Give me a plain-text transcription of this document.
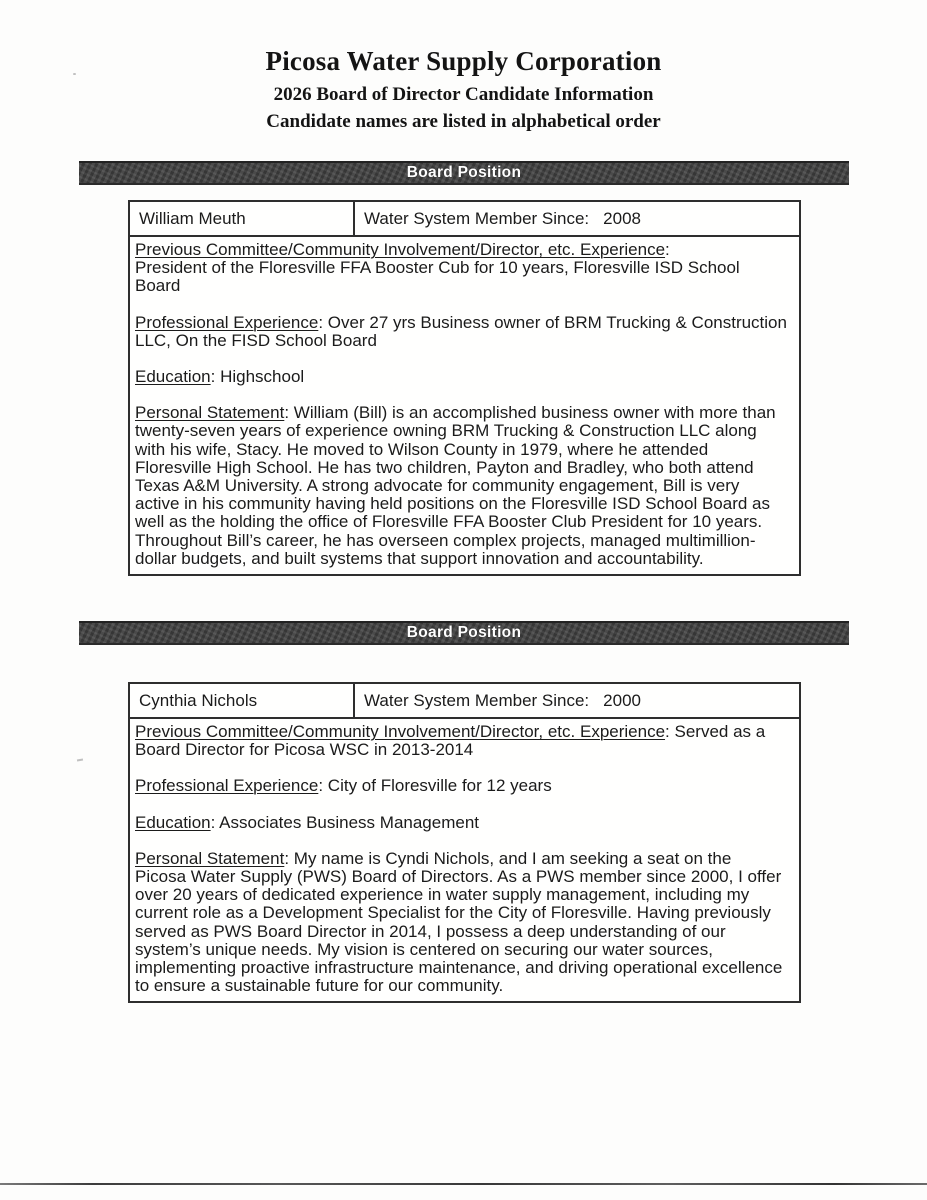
Picosa Water Supply Corporation
2026 Board of Director Candidate Information
Candidate names are listed in alphabetical order
Board Position
William Meuth	Water System Member Since: 2008

Previous Committee/Community Involvement/Director, etc. Experience:
President of the Floresville FFA Booster Cub for 10 years, Floresville ISD School Board

Professional Experience: Over 27 yrs Business owner of BRM Trucking & Construction LLC, On the FISD School Board

Education: Highschool

Personal Statement: William (Bill) is an accomplished business owner with more than twenty-seven years of experience owning BRM Trucking & Construction LLC along with his wife, Stacy. He moved to Wilson County in 1979, where he attended Floresville High School. He has two children, Payton and Bradley, who both attend Texas A&M University. A strong advocate for community engagement, Bill is very active in his community having held positions on the Floresville ISD School Board as well as the holding the office of Floresville FFA Booster Club President for 10 years. Throughout Bill’s career, he has overseen complex projects, managed multimillion-dollar budgets, and built systems that support innovation and accountability.

Board Position
Cynthia Nichols	Water System Member Since: 2000

Previous Committee/Community Involvement/Director, etc. Experience: Served as a Board Director for Picosa WSC in 2013-2014

Professional Experience: City of Floresville for 12 years

Education: Associates Business Management

Personal Statement: My name is Cyndi Nichols, and I am seeking a seat on the Picosa Water Supply (PWS) Board of Directors. As a PWS member since 2000, I offer over 20 years of dedicated experience in water supply management, including my current role as a Development Specialist for the City of Floresville. Having previously served as PWS Board Director in 2014, I possess a deep understanding of our system’s unique needs. My vision is centered on securing our water sources, implementing proactive infrastructure maintenance, and driving operational excellence to ensure a sustainable future for our community.
